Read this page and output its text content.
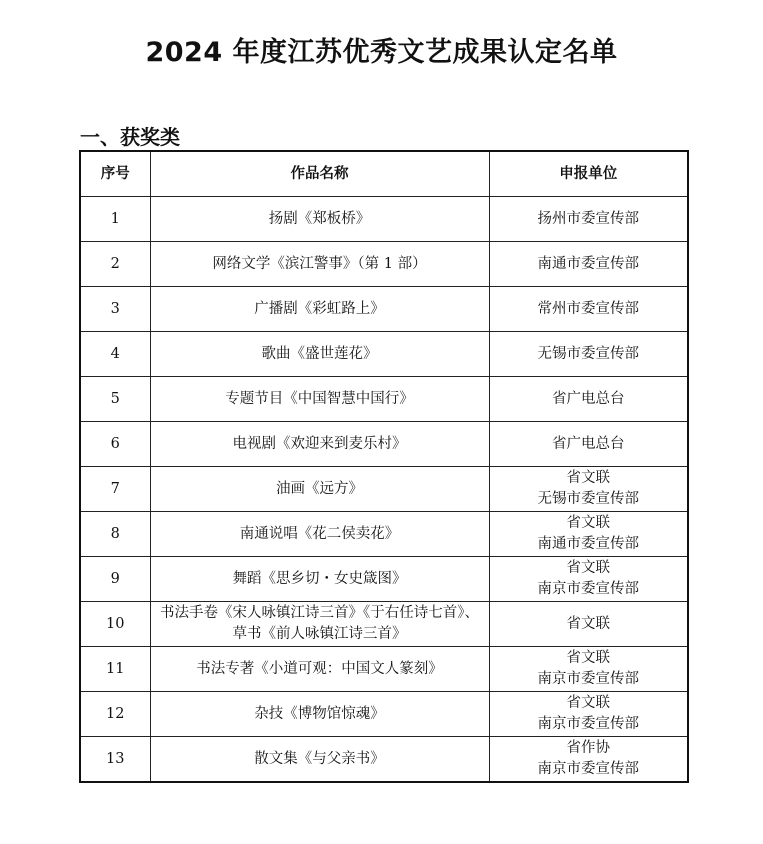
2024 年度江苏优秀文艺成果认定名单
一、获奖类
序号	作品名称	申报单位
1	扬剧《郑板桥》	扬州市委宣传部

2	网络文学《滨江警事》（第 1 部）	南通市委宣传部

3	广播剧《彩虹路上》	常州市委宣传部

4	歌曲《盛世莲花》	无锡市委宣传部

5	专题节目《中国智慧中国行》	省广电总台

6	电视剧《欢迎来到麦乐村》	省广电总台

7	油画《远方》	省文联
无锡市委宣传部

8	南通说唱《花二侯卖花》	省文联
南通市委宣传部

9	舞蹈《思乡切・女史箴图》	省文联
南京市委宣传部

10	书法手卷《宋人咏镇江诗三首》《于右任诗七首》、草书《前人咏镇江诗三首》	省文联

11	书法专著《小道可观：中国文人篆刻》	省文联
南京市委宣传部

12	杂技《博物馆惊魂》	省文联
南京市委宣传部

13	散文集《与父亲书》	省作协
南京市委宣传部
